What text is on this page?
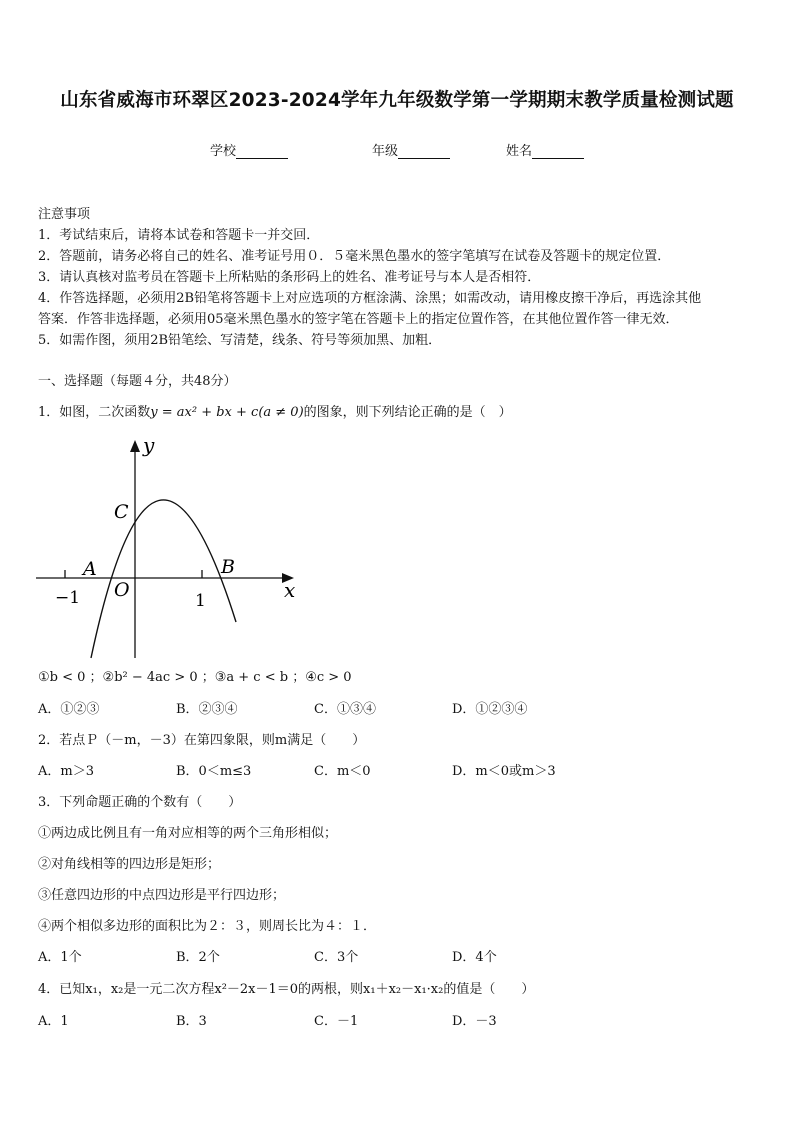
山东省威海市环翠区2023-2024学年九年级数学第一学期期末教学质量检测试题
学校	年级	姓名
注意事项
1．考试结束后，请将本试卷和答题卡一并交回．
2．答题前，请务必将自己的姓名、准考证号用０．５毫米黑色墨水的签字笔填写在试卷及答题卡的规定位置．
3．请认真核对监考员在答题卡上所粘贴的条形码上的姓名、准考证号与本人是否相符．
4．作答选择题，必须用2B铅笔将答题卡上对应选项的方框涂满、涂黑；如需改动，请用橡皮擦干净后，再选涂其他
答案．作答非选择题，必须用05毫米黑色墨水的签字笔在答题卡上的指定位置作答，在其他位置作答一律无效．
5．如需作图，须用2B铅笔绘、写清楚，线条、符号等须加黑、加粗．
一、选择题（每题４分，共48分）
1．如图，二次函数y = ax² + bx + c(a ≠ 0)的图象，则下列结论正确的是（　）
y
x
C
A	B
O
−1	1
①b < 0 ；②b² − 4ac > 0 ；③a + c < b ；④c > 0
A．①②③	B．②③④	C．①③④	D．①②③④
2．若点Ｐ（－m，－3）在第四象限，则m满足（　　）
A．m＞3	B．0＜m≤3	C．m＜0	D．m＜0或m＞3
3．下列命题正确的个数有（　　）
①两边成比例且有一角对应相等的两个三角形相似；
②对角线相等的四边形是矩形；
③任意四边形的中点四边形是平行四边形；
④两个相似多边形的面积比为２：３，则周长比为４：１．
A．1个	B．2个	C．3个	D．4个
4．已知x₁，x₂是一元二次方程x²－2x－1＝0的两根，则x₁＋x₂－x₁·x₂的值是（　　）
A．1	B．3	C．－1	D．－3
